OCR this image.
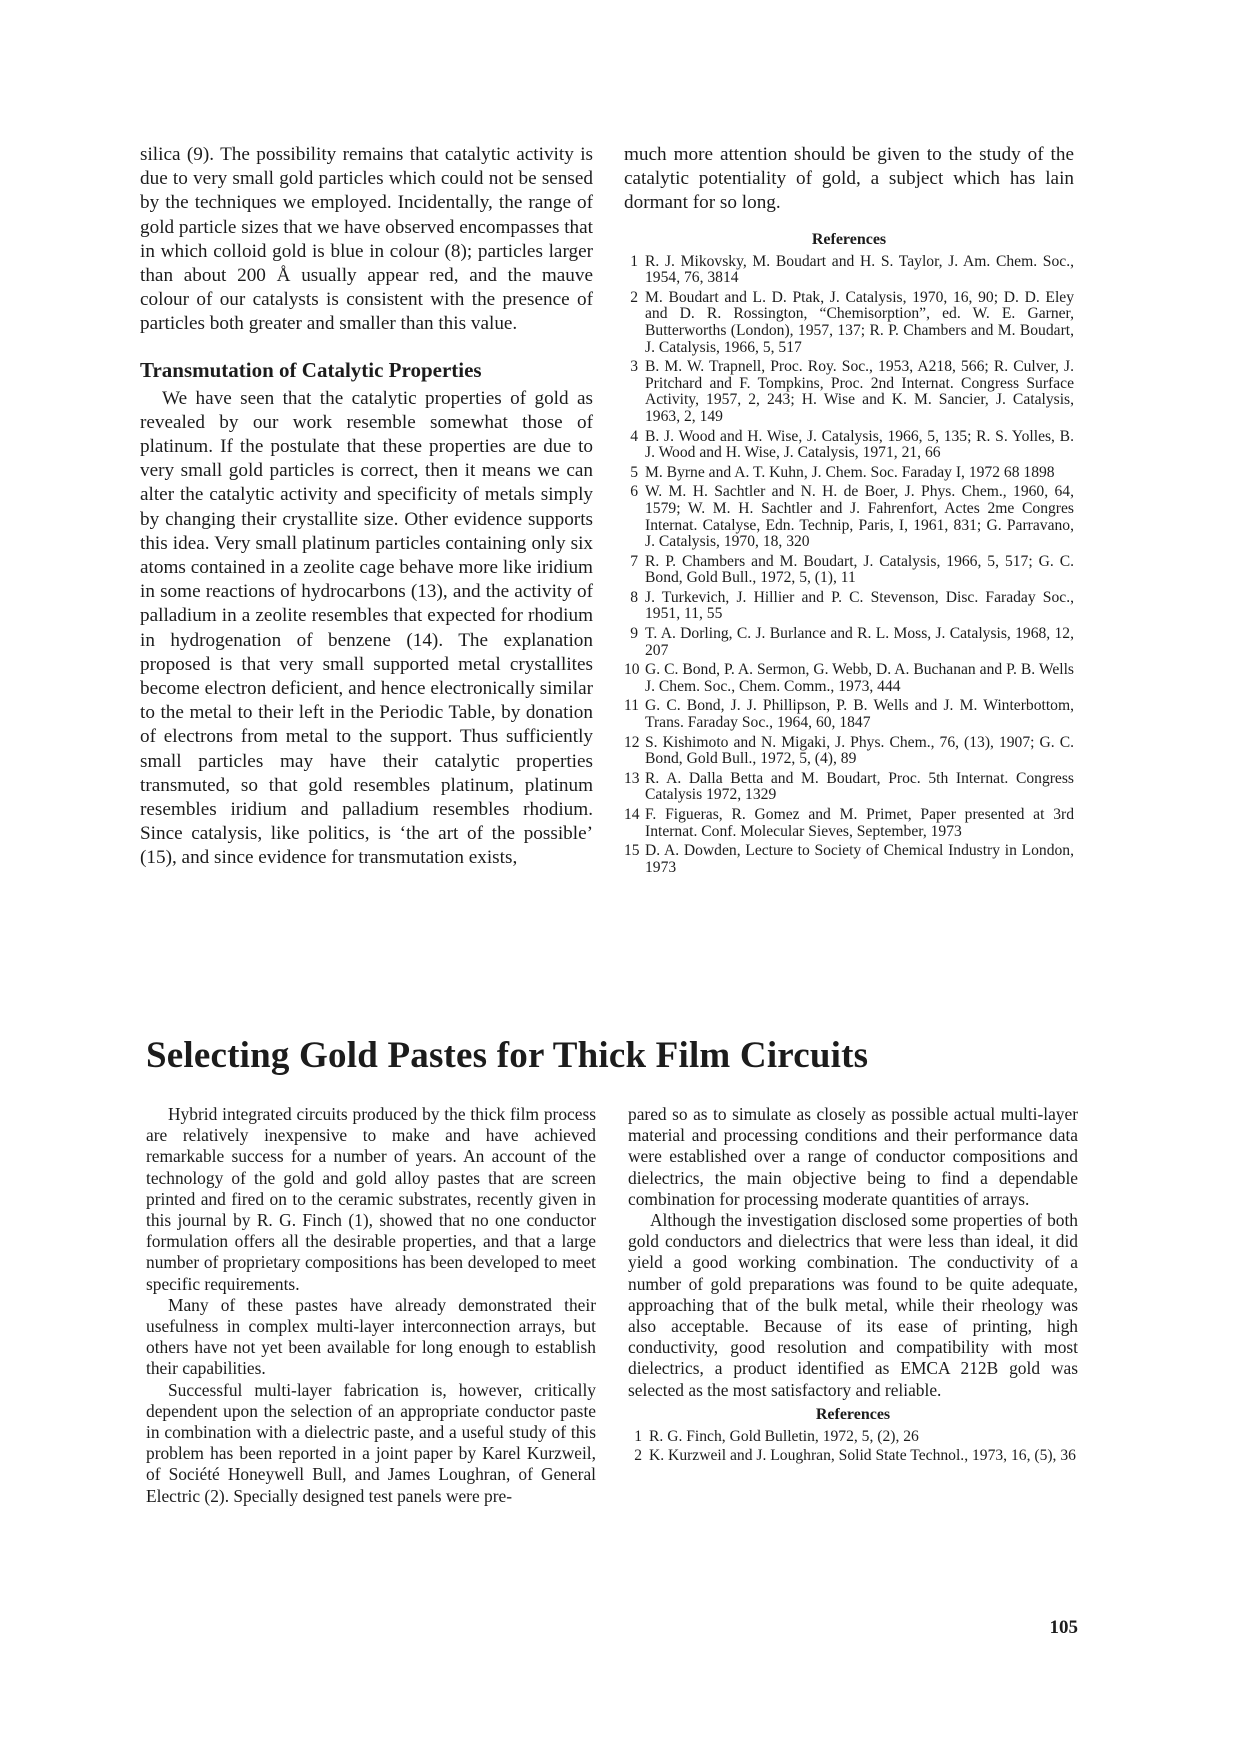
silica (9). The possibility remains that catalytic activity is due to very small gold particles which could not be sensed by the techniques we employed. Incidentally, the range of gold particle sizes that we have observed encompasses that in which colloid gold is blue in colour (8); particles larger than about 200 Å usually appear red, and the mauve colour of our catalysts is consistent with the presence of particles both greater and smaller than this value.

Transmutation of Catalytic Properties

We have seen that the catalytic properties of gold as revealed by our work resemble somewhat those of platinum. If the postulate that these properties are due to very small gold particles is correct, then it means we can alter the catalytic activity and specificity of metals simply by changing their crystallite size. Other evidence supports this idea. Very small platinum particles containing only six atoms contained in a zeolite cage behave more like iridium in some reactions of hydrocarbons (13), and the activity of palladium in a zeolite resembles that expected for rhodium in hydrogenation of benzene (14). The explanation proposed is that very small supported metal crystallites become electron deficient, and hence electronically similar to the metal to their left in the Periodic Table, by donation of electrons from metal to the support. Thus sufficiently small particles may have their catalytic properties transmuted, so that gold resembles platinum, platinum resembles iridium and palladium resembles rhodium. Since catalysis, like politics, is ‘the art of the possible’ (15), and since evidence for transmutation exists,

much more attention should be given to the study of the catalytic potentiality of gold, a subject which has lain dormant for so long.

References
1 R. J. Mikovsky, M. Boudart and H. S. Taylor, J. Am. Chem. Soc., 1954, 76, 3814
2 M. Boudart and L. D. Ptak, J. Catalysis, 1970, 16, 90; D. D. Eley and D. R. Rossington, “Chemisorption”, ed. W. E. Garner, Butterworths (London), 1957, 137; R. P. Chambers and M. Boudart, J. Catalysis, 1966, 5, 517
3 B. M. W. Trapnell, Proc. Roy. Soc., 1953, A218, 566; R. Culver, J. Pritchard and F. Tompkins, Proc. 2nd Internat. Congress Surface Activity, 1957, 2, 243; H. Wise and K. M. Sancier, J. Catalysis, 1963, 2, 149
4 B. J. Wood and H. Wise, J. Catalysis, 1966, 5, 135; R. S. Yolles, B. J. Wood and H. Wise, J. Catalysis, 1971, 21, 66
5 M. Byrne and A. T. Kuhn, J. Chem. Soc. Faraday I, 1972 68 1898
6 W. M. H. Sachtler and N. H. de Boer, J. Phys. Chem., 1960, 64, 1579; W. M. H. Sachtler and J. Fahrenfort, Actes 2me Congres Internat. Catalyse, Edn. Technip, Paris, I, 1961, 831; G. Parravano, J. Catalysis, 1970, 18, 320
7 R. P. Chambers and M. Boudart, J. Catalysis, 1966, 5, 517; G. C. Bond, Gold Bull., 1972, 5, (1), 11
8 J. Turkevich, J. Hillier and P. C. Stevenson, Disc. Faraday Soc., 1951, 11, 55
9 T. A. Dorling, C. J. Burlance and R. L. Moss, J. Catalysis, 1968, 12, 207
10 G. C. Bond, P. A. Sermon, G. Webb, D. A. Buchanan and P. B. Wells J. Chem. Soc., Chem. Comm., 1973, 444
11 G. C. Bond, J. J. Phillipson, P. B. Wells and J. M. Winterbottom, Trans. Faraday Soc., 1964, 60, 1847
12 S. Kishimoto and N. Migaki, J. Phys. Chem., 76, (13), 1907; G. C. Bond, Gold Bull., 1972, 5, (4), 89
13 R. A. Dalla Betta and M. Boudart, Proc. 5th Internat. Congress Catalysis 1972, 1329
14 F. Figueras, R. Gomez and M. Primet, Paper presented at 3rd Internat. Conf. Molecular Sieves, September, 1973
15 D. A. Dowden, Lecture to Society of Chemical Industry in London, 1973
Selecting Gold Pastes for Thick Film Circuits

Hybrid integrated circuits produced by the thick film process are relatively inexpensive to make and have achieved remarkable success for a number of years. An account of the technology of the gold and gold alloy pastes that are screen printed and fired on to the ceramic substrates, recently given in this journal by R. G. Finch (1), showed that no one conductor formulation offers all the desirable properties, and that a large number of proprietary compositions has been developed to meet specific requirements.

Many of these pastes have already demonstrated their usefulness in complex multi-layer interconnection arrays, but others have not yet been available for long enough to establish their capabilities.

Successful multi-layer fabrication is, however, critically dependent upon the selection of an appropriate conductor paste in combination with a dielectric paste, and a useful study of this problem has been reported in a joint paper by Karel Kurzweil, of Société Honeywell Bull, and James Loughran, of General Electric (2). Specially designed test panels were pre-

pared so as to simulate as closely as possible actual multi-layer material and processing conditions and their performance data were established over a range of conductor compositions and dielectrics, the main objective being to find a dependable combination for processing moderate quantities of arrays.

Although the investigation disclosed some properties of both gold conductors and dielectrics that were less than ideal, it did yield a good working combination. The conductivity of a number of gold preparations was found to be quite adequate, approaching that of the bulk metal, while their rheology was also acceptable. Because of its ease of printing, high conductivity, good resolution and compatibility with most dielectrics, a product identified as EMCA 212B gold was selected as the most satisfactory and reliable.

References
1 R. G. Finch, Gold Bulletin, 1972, 5, (2), 26
2 K. Kurzweil and J. Loughran, Solid State Technol., 1973, 16, (5), 36

105
